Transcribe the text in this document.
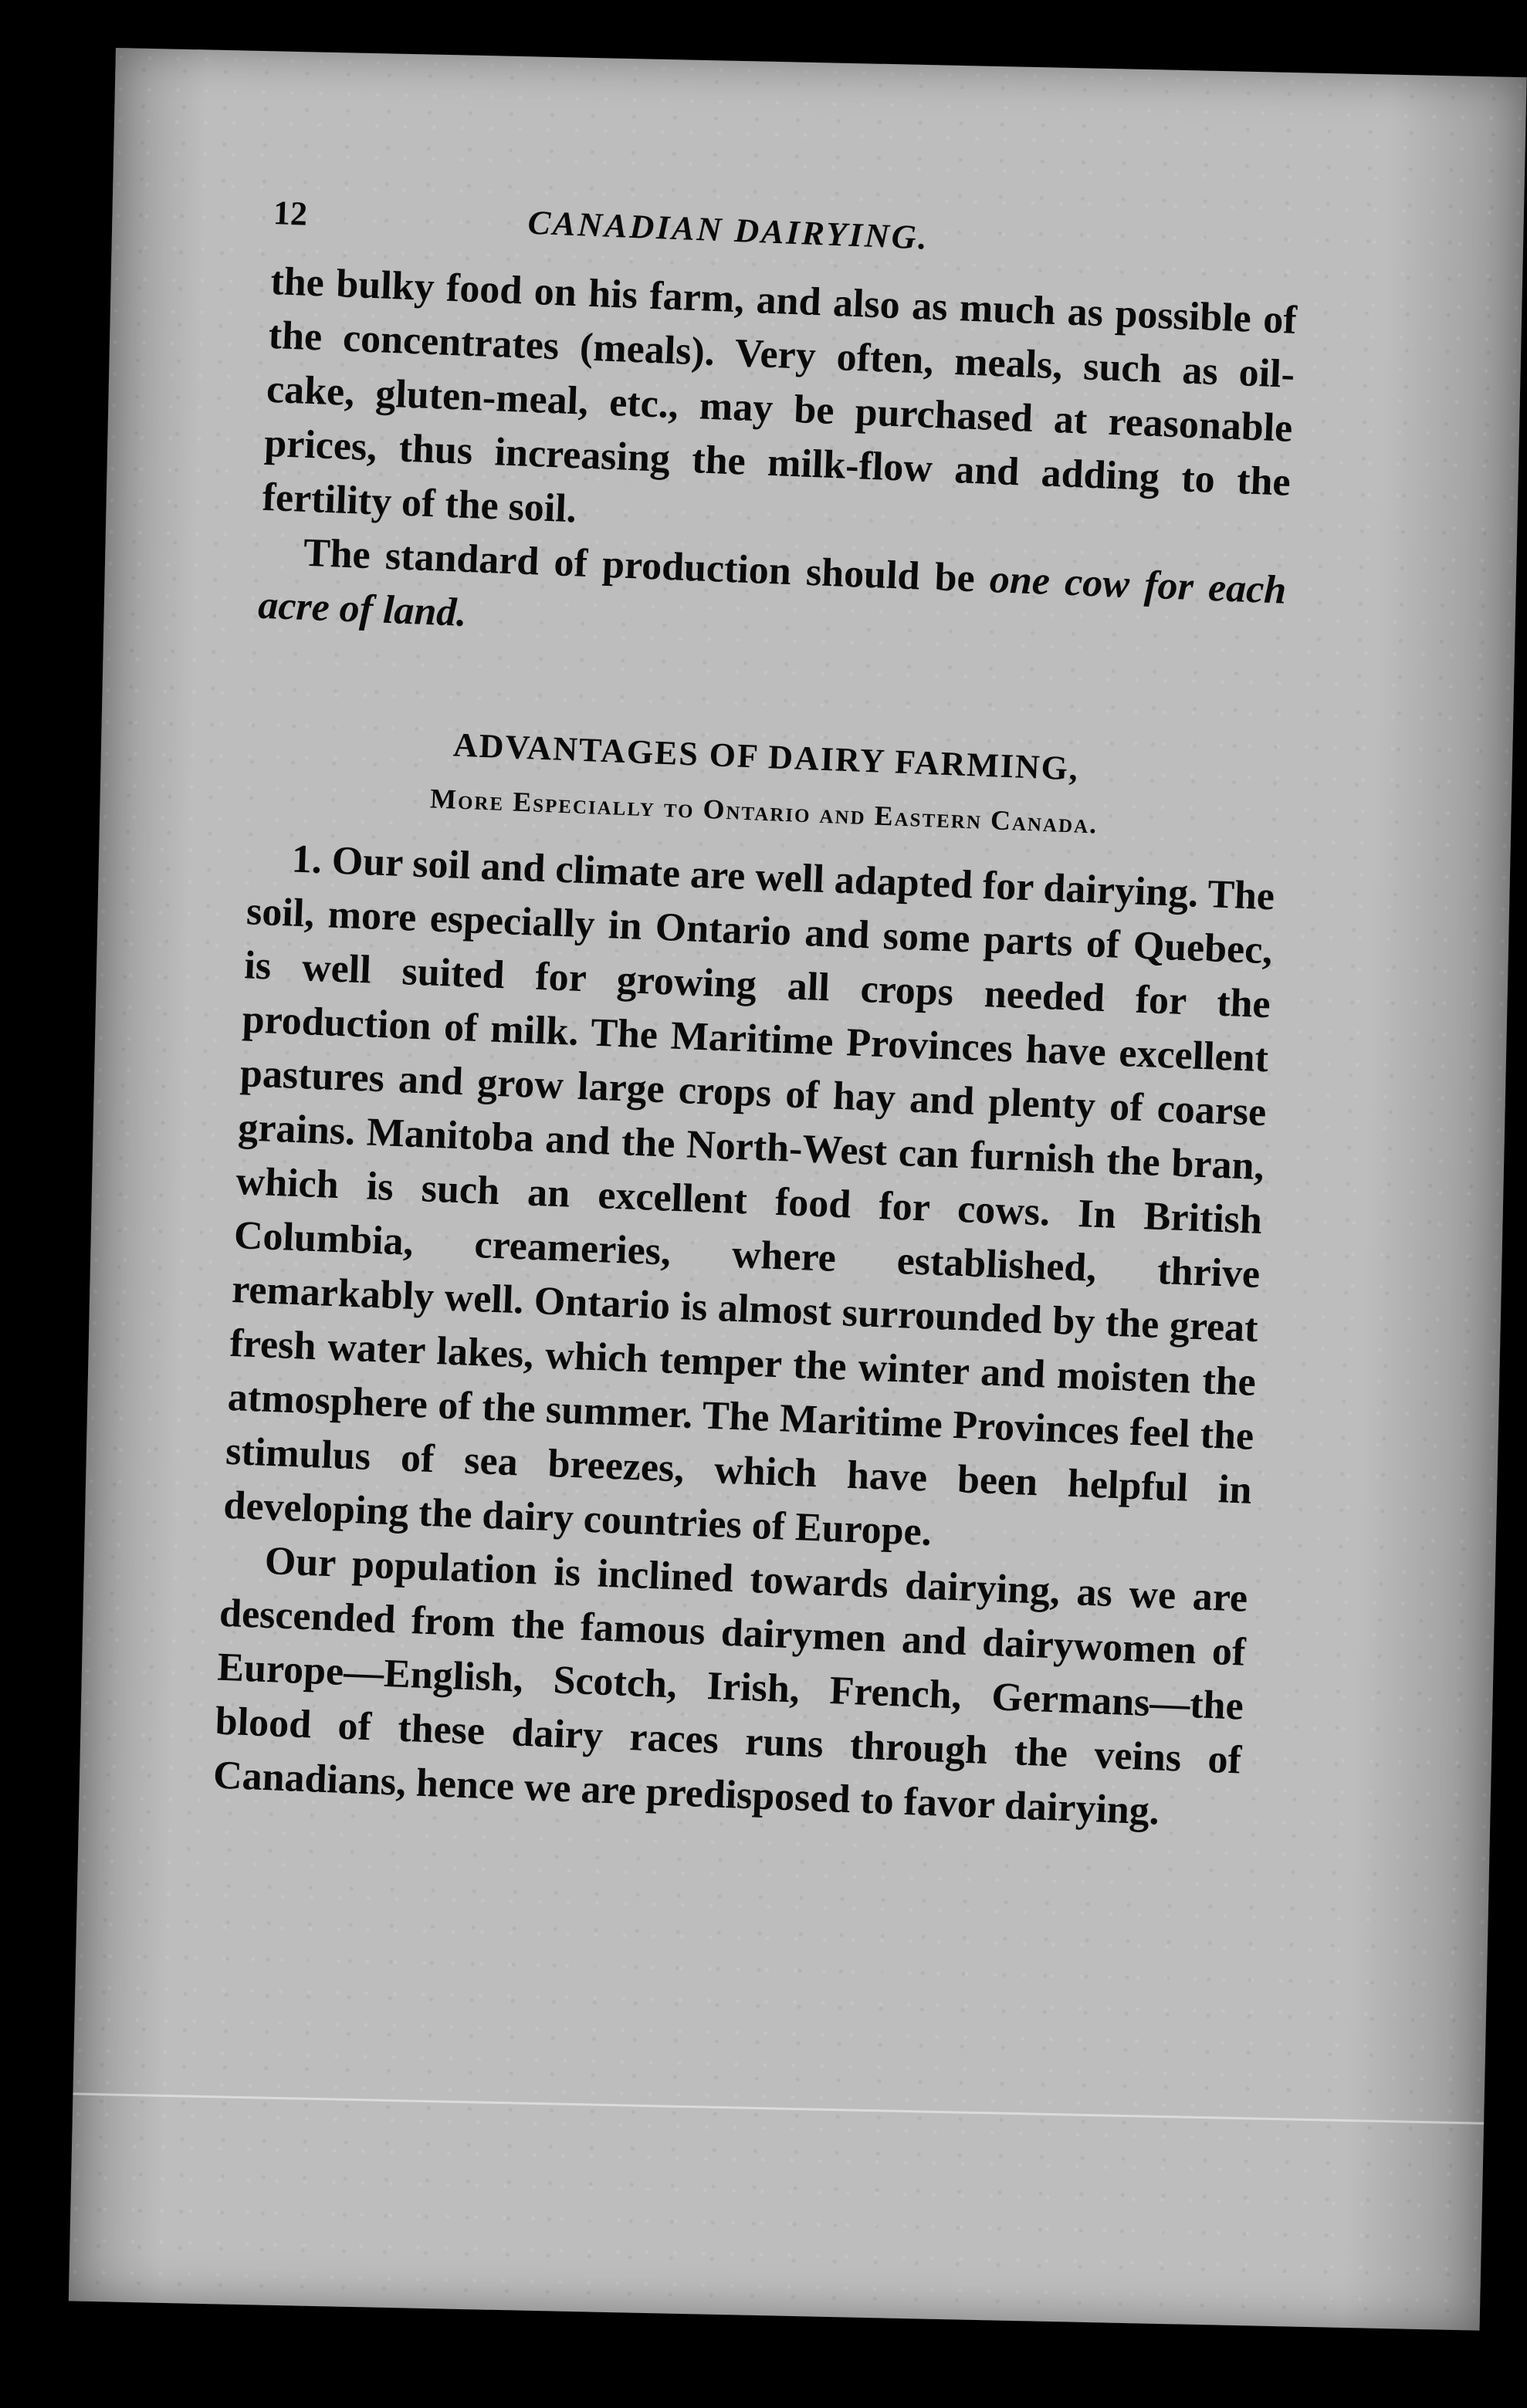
12	CANADIAN DAIRYING.

the bulky food on his farm, and also as much as possible of the concentrates (meals). Very often, meals, such as oil-cake, gluten-meal, etc., may be purchased at reasonable prices, thus increasing the milk-flow and adding to the fertility of the soil.

The standard of production should be one cow for each acre of land.

ADVANTAGES OF DAIRY FARMING,
More Especially to Ontario and Eastern Canada.

1. Our soil and climate are well adapted for dairying. The soil, more especially in Ontario and some parts of Quebec, is well suited for growing all crops needed for the production of milk. The Maritime Provinces have excellent pastures and grow large crops of hay and plenty of coarse grains. Manitoba and the North-West can furnish the bran, which is such an excellent food for cows. In British Columbia, creameries, where established, thrive remarkably well. Ontario is almost surrounded by the great fresh water lakes, which temper the winter and moisten the atmosphere of the summer. The Maritime Provinces feel the stimulus of sea breezes, which have been helpful in developing the dairy countries of Europe.

Our population is inclined towards dairying, as we are descended from the famous dairymen and dairywomen of Europe—English, Scotch, Irish, French, Germans—the blood of these dairy races runs through the veins of Canadians, hence we are predisposed to favor dairying.
